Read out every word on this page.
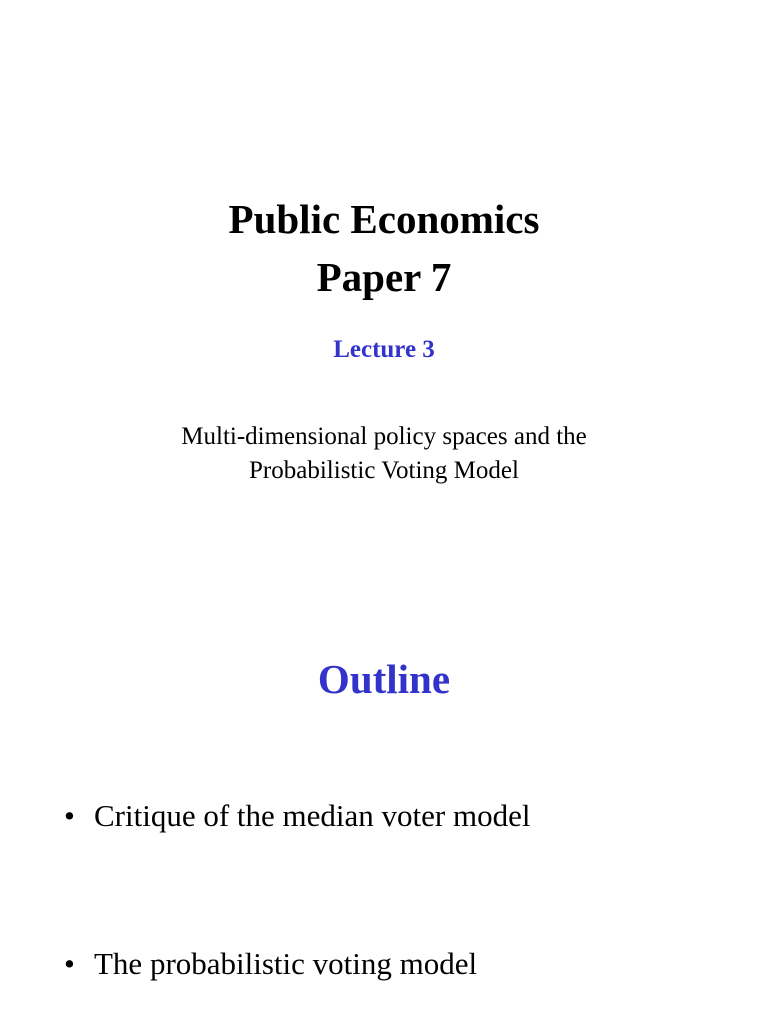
Public Economics
Paper 7
Lecture 3
Multi-dimensional policy spaces and the
Probabilistic Voting Model
Outline
• Critique of the median voter model
• The probabilistic voting model
